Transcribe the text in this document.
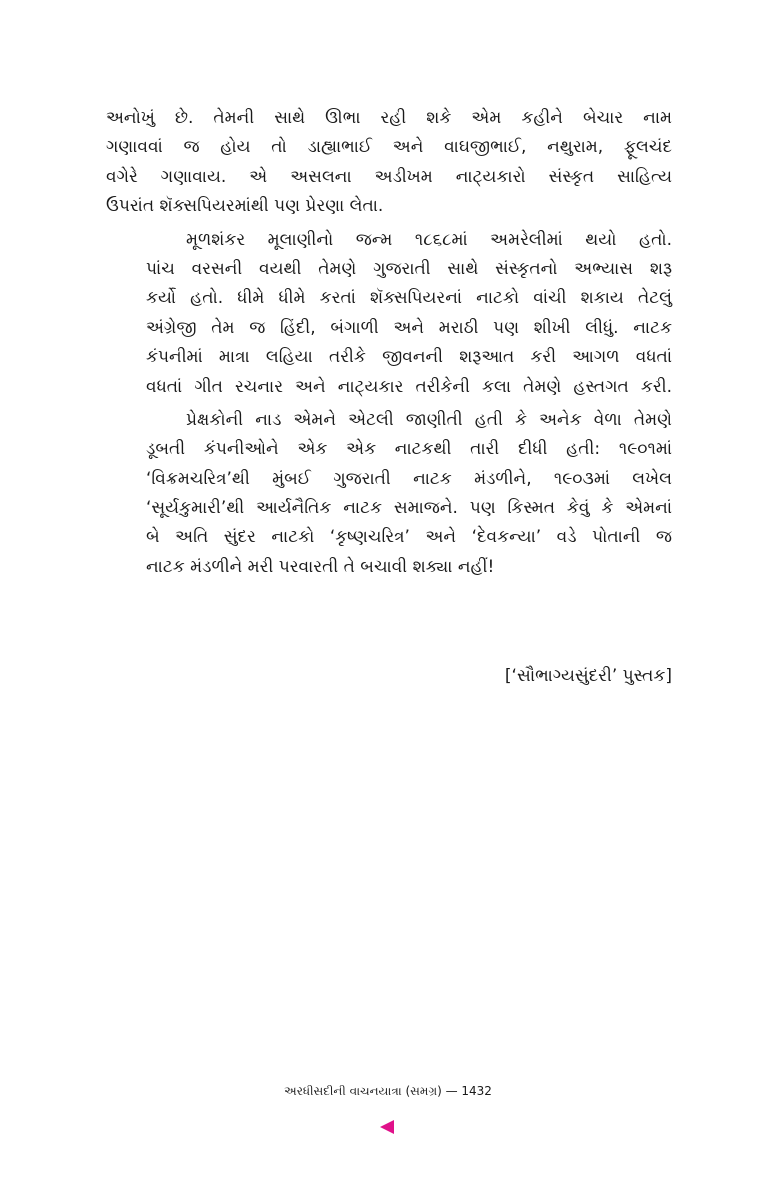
અનોખું છે. તેમની સાથે ઊભા રહી શકે એમ કહીને બેચાર નામ
ગણાવવાં જ હોય તો ડાહ્યાભાઈ અને વાઘજીભાઈ, નથુરામ, ફૂલચંદ
વગેરે ગણાવાય. એ અસલના અડીખમ નાટ્યકારો સંસ્કૃત સાહિત્ય
ઉપરાંત શૅક્સપિયરમાંથી પણ પ્રેરણા લેતા.
મૂળશંકર મૂલાણીનો જન્મ ૧૮૬૮માં અમરેલીમાં થયો હતો.
પાંચ વરસની વયથી તેમણે ગુજરાતી સાથે સંસ્કૃતનો અભ્યાસ શરૂ
કર્યો હતો. ધીમે ધીમે કરતાં શૅક્સપિયરનાં નાટકો વાંચી શકાય તેટલું
અંગ્રેજી તેમ જ હિંદી, બંગાળી અને મરાઠી પણ શીખી લીધું. નાટક
કંપનીમાં માત્રા લહિયા તરીકે જીવનની શરૂઆત કરી આગળ વધતાં
વધતાં ગીત રચનાર અને નાટ્યકાર તરીકેની કલા તેમણે હસ્તગત કરી.
પ્રેક્ષકોની નાડ એમને એટલી જાણીતી હતી કે અનેક વેળા તેમણે
ડૂબતી કંપનીઓને એક એક નાટકથી તારી દીધી હતી: ૧૯૦૧માં
‘વિક્રમચરિત્ર’થી મુંબઈ ગુજરાતી નાટક મંડળીને, ૧૯૦૩માં લખેલ
‘સૂર્યકુમારી’થી આર્યનૈતિક નાટક સમાજને. પણ કિસ્મત કેવું કે એમનાં
બે અતિ સુંદર નાટકો ‘કૃષ્ણચરિત્ર’ અને ‘દેવકન્યા’ વડે પોતાની જ
નાટક મંડળીને મરી પરવારતી તે બચાવી શક્યા નહીં!
[‘સૌભાગ્યસુંદરી’ પુસ્તક]
અરધીસદીની વાચનયાત્રા (સમગ્ર) — 1432
